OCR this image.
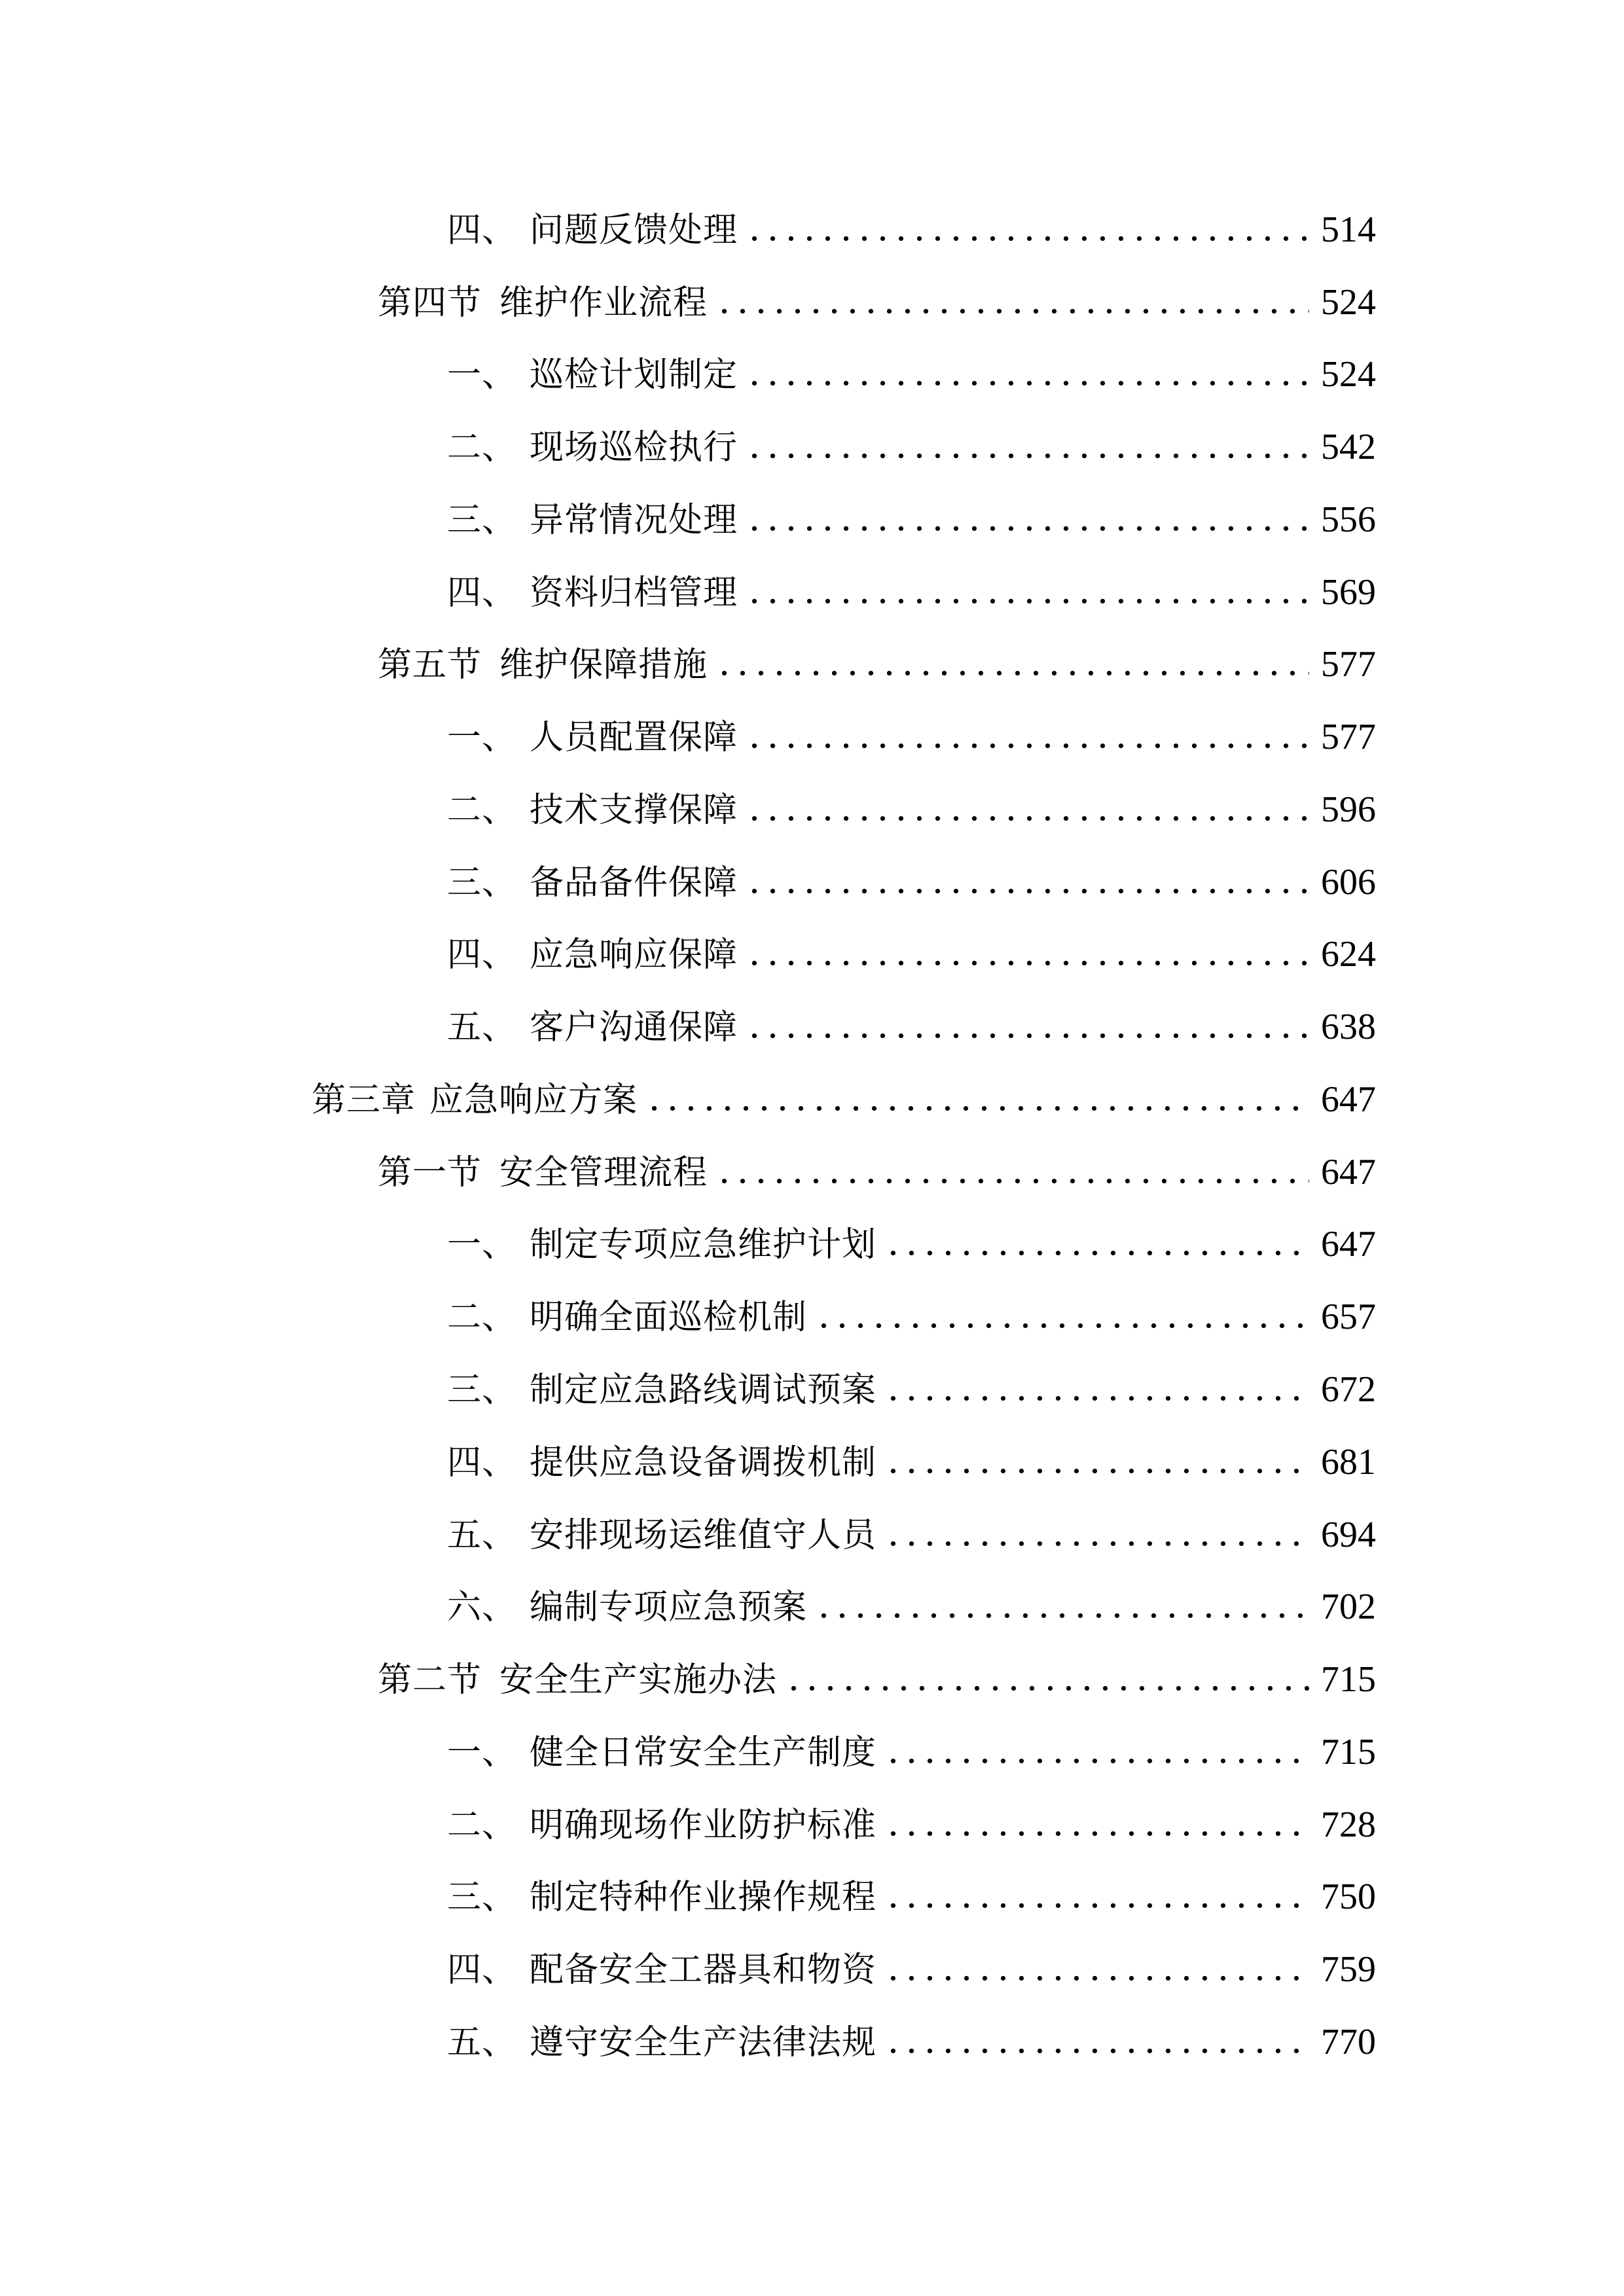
四、 问题反馈处理	514
第四节 维护作业流程	524
一、 巡检计划制定	524
二、 现场巡检执行	542
三、 异常情况处理	556
四、 资料归档管理	569
第五节 维护保障措施	577
一、 人员配置保障	577
二、 技术支撑保障	596
三、 备品备件保障	606
四、 应急响应保障	624
五、 客户沟通保障	638
第三章 应急响应方案	647
第一节 安全管理流程	647
一、 制定专项应急维护计划	647
二、 明确全面巡检机制	657
三、 制定应急路线调试预案	672
四、 提供应急设备调拨机制	681
五、 安排现场运维值守人员	694
六、 编制专项应急预案	702
第二节 安全生产实施办法	715
一、 健全日常安全生产制度	715
二、 明确现场作业防护标准	728
三、 制定特种作业操作规程	750
四、 配备安全工器具和物资	759
五、 遵守安全生产法律法规	770
